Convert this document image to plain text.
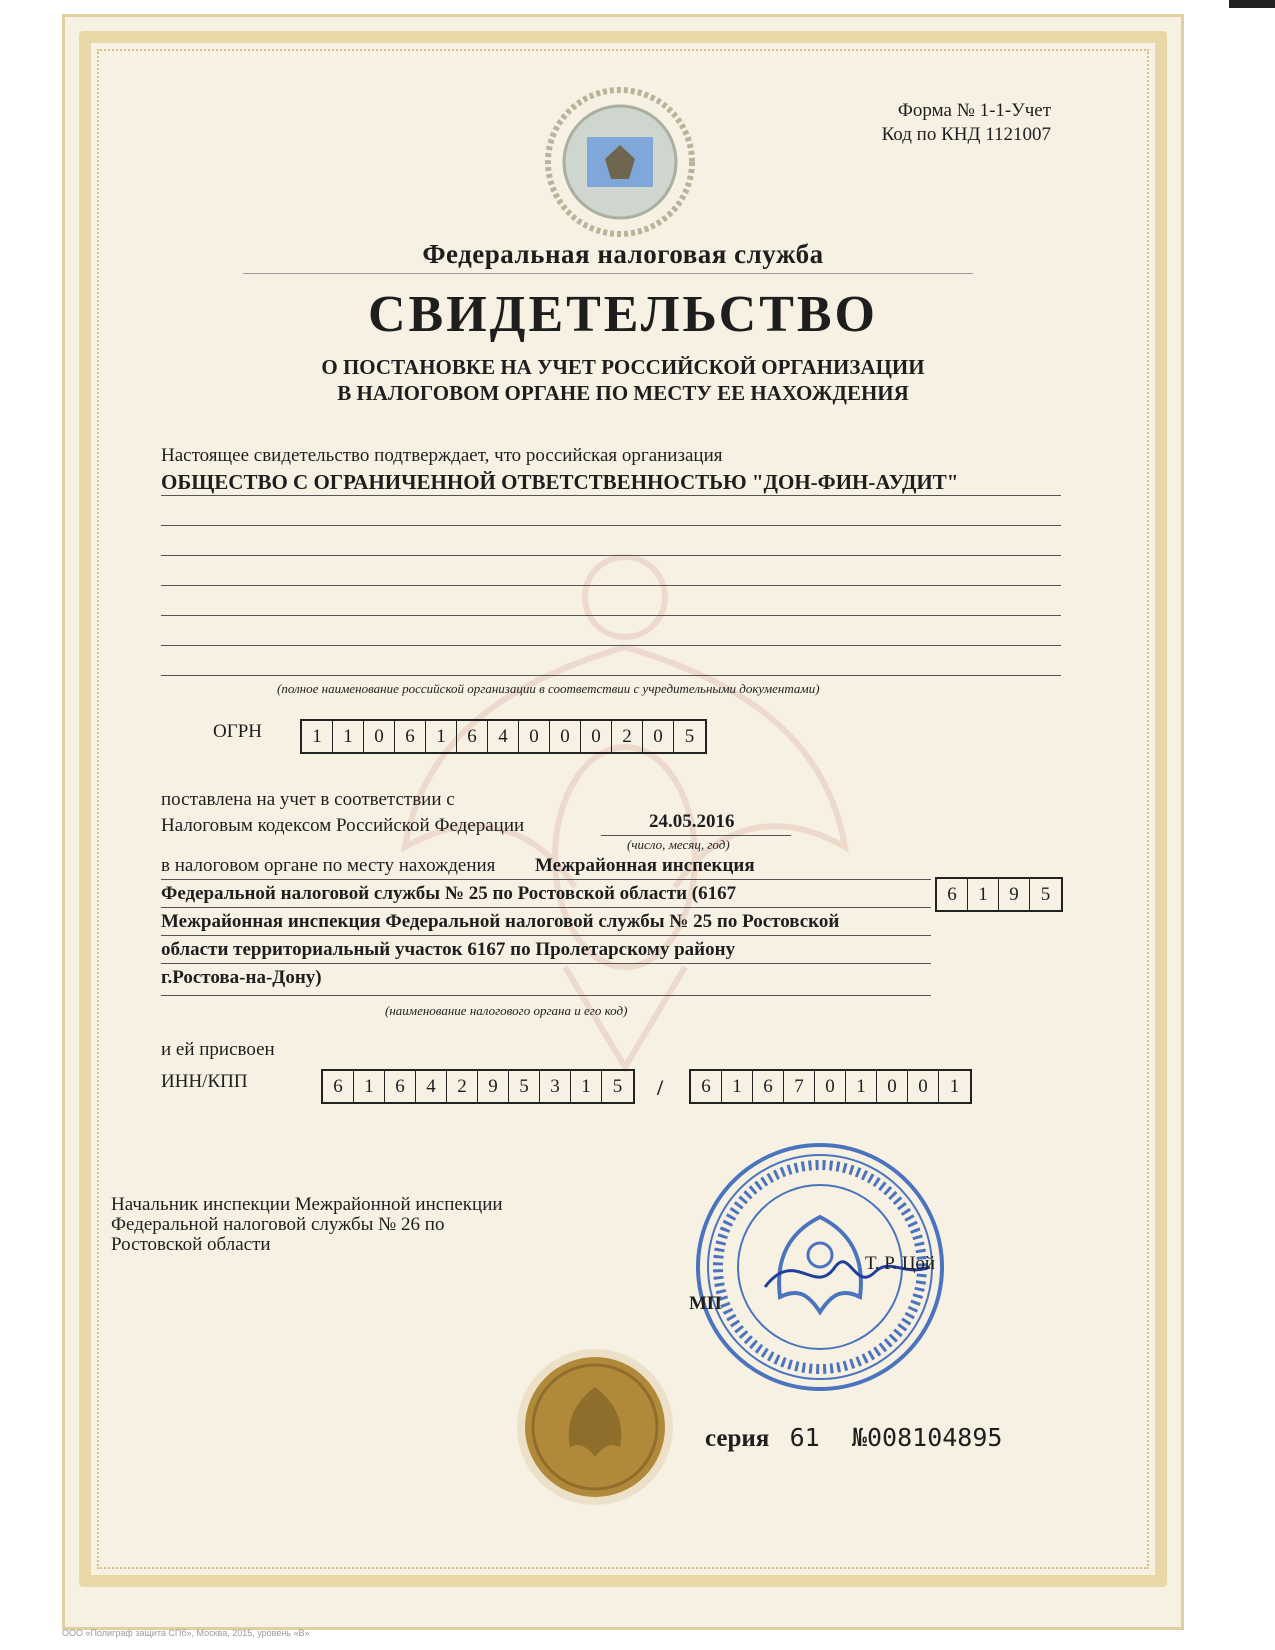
Форма № 1-1-Учет
Код по КНД 1121007
Федеральная налоговая служба
СВИДЕТЕЛЬСТВО
О ПОСТАНОВКЕ НА УЧЕТ РОССИЙСКОЙ ОРГАНИЗАЦИИ
В НАЛОГОВОМ ОРГАНЕ ПО МЕСТУ ЕЕ НАХОЖДЕНИЯ
Настоящее свидетельство подтверждает, что российская организация
ОБЩЕСТВО С ОГРАНИЧЕННОЙ ОТВЕТСТВЕННОСТЬЮ "ДОН-ФИН-АУДИТ"
(полное наименование российской организации в соответствии с учредительными документами)
ОГРН	1	1	0	6	1	6	4	0	0	0	2	0	5
поставлена на учет в соответствии с
Налоговым кодексом Российской Федерации	24.05.2016
(число, месяц, год)
в налоговом органе по месту нахождения Межрайонная инспекция
Федеральной налоговой службы № 25 по Ростовской области (6167
Межрайонная инспекция Федеральной налоговой службы № 25 по Ростовской
области территориальный участок 6167 по Пролетарскому району
г.Ростова-на-Дону)
6	1	9	5
(наименование налогового органа и его код)
и ей присвоен
ИНН/КПП	6	1	6	4	2	9	5	3	1	5	/	6	1	6	7	0	1	0	0	1
Начальник инспекции Межрайонной инспекции
Федеральной налоговой службы № 26 по
Ростовской области
МП
Т. Р. Цой
серия 61 №008104895
ООО «Полиграф защита СПб», Москва, 2015, уровень «В»
